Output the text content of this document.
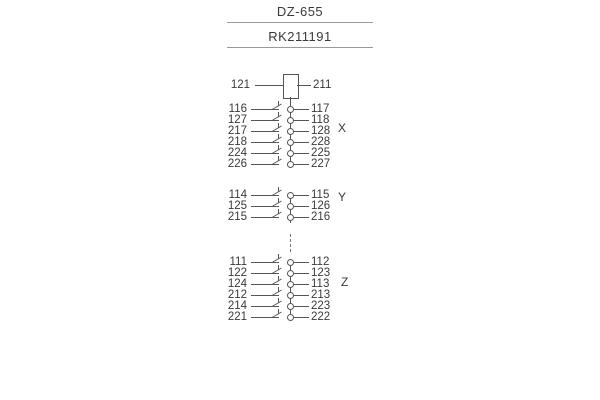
DZ-655
RK211191
121	211
X
116	117
127	118
217	128
218	228
224	225
226	227
Y
114	115
125	126
215	216
Z
111	112
122	123
124	113
212	213
214	223
221	222
